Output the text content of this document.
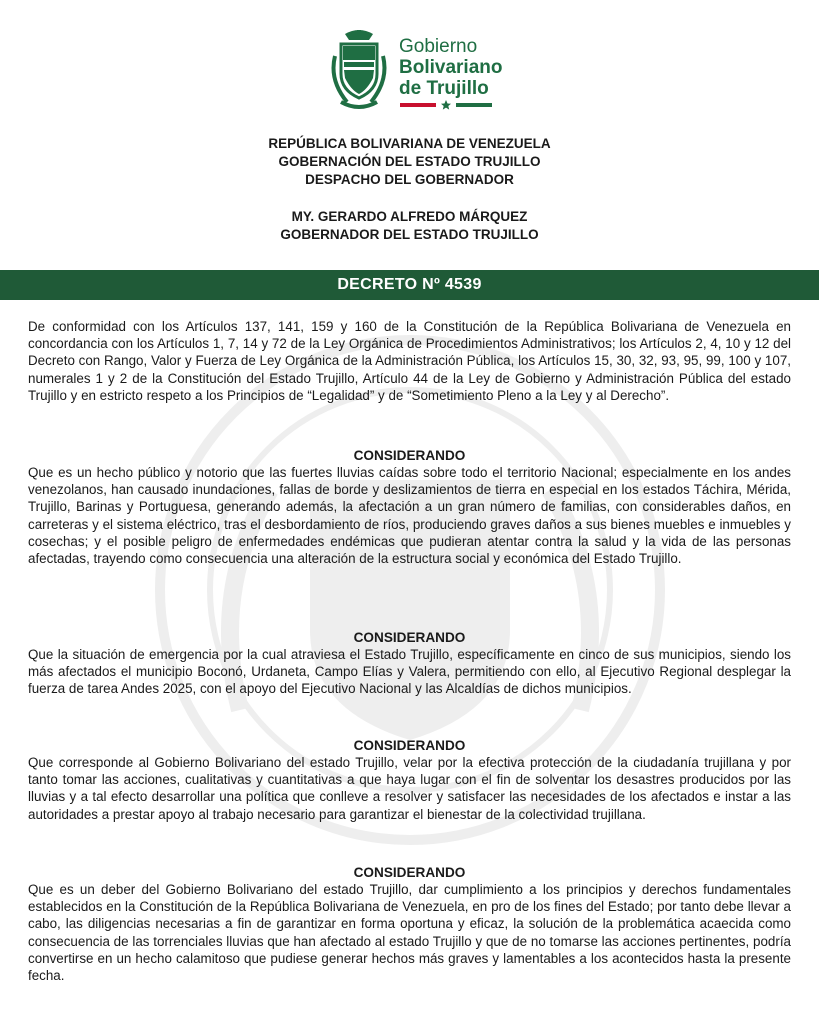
Gobierno
Bolivariano
de Trujillo
REPÚBLICA BOLIVARIANA DE VENEZUELA
GOBERNACIÓN DEL ESTADO TRUJILLO
DESPACHO DEL GOBERNADOR
MY. GERARDO ALFREDO MÁRQUEZ
GOBERNADOR DEL ESTADO TRUJILLO
DECRETO Nº 4539
De conformidad con los Artículos 137, 141, 159 y 160 de la Constitución de la República Bolivariana de Venezuela en concordancia con los Artículos 1, 7, 14 y 72 de la Ley Orgánica de Procedimientos Administrativos; los Artículos 2, 4, 10 y 12 del Decreto con Rango, Valor y Fuerza de Ley Orgánica de la Administración Pública, los Artículos 15, 30, 32, 93, 95, 99, 100 y 107, numerales 1 y 2 de la Constitución del Estado Trujillo, Artículo 44 de la Ley de Gobierno y Administración Pública del estado Trujillo y en estricto respeto a los Principios de “Legalidad” y de “Sometimiento Pleno a la Ley y al Derecho”.
CONSIDERANDO
Que es un hecho público y notorio que las fuertes lluvias caídas sobre todo el territorio Nacional; especialmente en los andes venezolanos, han causado inundaciones, fallas de borde y deslizamientos de tierra en especial en los estados Táchira, Mérida, Trujillo, Barinas y Portuguesa, generando además, la afectación a un gran número de familias, con considerables daños, en carreteras y el sistema eléctrico, tras el desbordamiento de ríos, produciendo graves daños a sus bienes muebles e inmuebles y cosechas; y el posible peligro de enfermedades endémicas que pudieran atentar contra la salud y la vida de las personas afectadas, trayendo como consecuencia una alteración de la estructura social y económica del Estado Trujillo.
CONSIDERANDO
Que la situación de emergencia por la cual atraviesa el Estado Trujillo, específicamente en cinco de sus municipios, siendo los más afectados el municipio Boconó, Urdaneta, Campo Elías y Valera, permitiendo con ello, al Ejecutivo Regional desplegar la fuerza de tarea Andes 2025, con el apoyo del Ejecutivo Nacional y las Alcaldías de dichos municipios.
CONSIDERANDO
Que corresponde al Gobierno Bolivariano del estado Trujillo, velar por la efectiva protección de la ciudadanía trujillana y por tanto tomar las acciones, cualitativas y cuantitativas a que haya lugar con el fin de solventar los desastres producidos por las lluvias y a tal efecto desarrollar una política que conlleve a resolver y satisfacer las necesidades de los afectados e instar a las autoridades a prestar apoyo al trabajo necesario para garantizar el bienestar de la colectividad trujillana.
CONSIDERANDO
Que es un deber del Gobierno Bolivariano del estado Trujillo, dar cumplimiento a los principios y derechos fundamentales establecidos en la Constitución de la República Bolivariana de Venezuela, en pro de los fines del Estado; por tanto debe llevar a cabo, las diligencias necesarias a fin de garantizar en forma oportuna y eficaz, la solución de la problemática acaecida como consecuencia de las torrenciales lluvias que han afectado al estado Trujillo y que de no tomarse las acciones pertinentes, podría convertirse en un hecho calamitoso que pudiese generar hechos más graves y lamentables a los acontecidos hasta la presente fecha.
